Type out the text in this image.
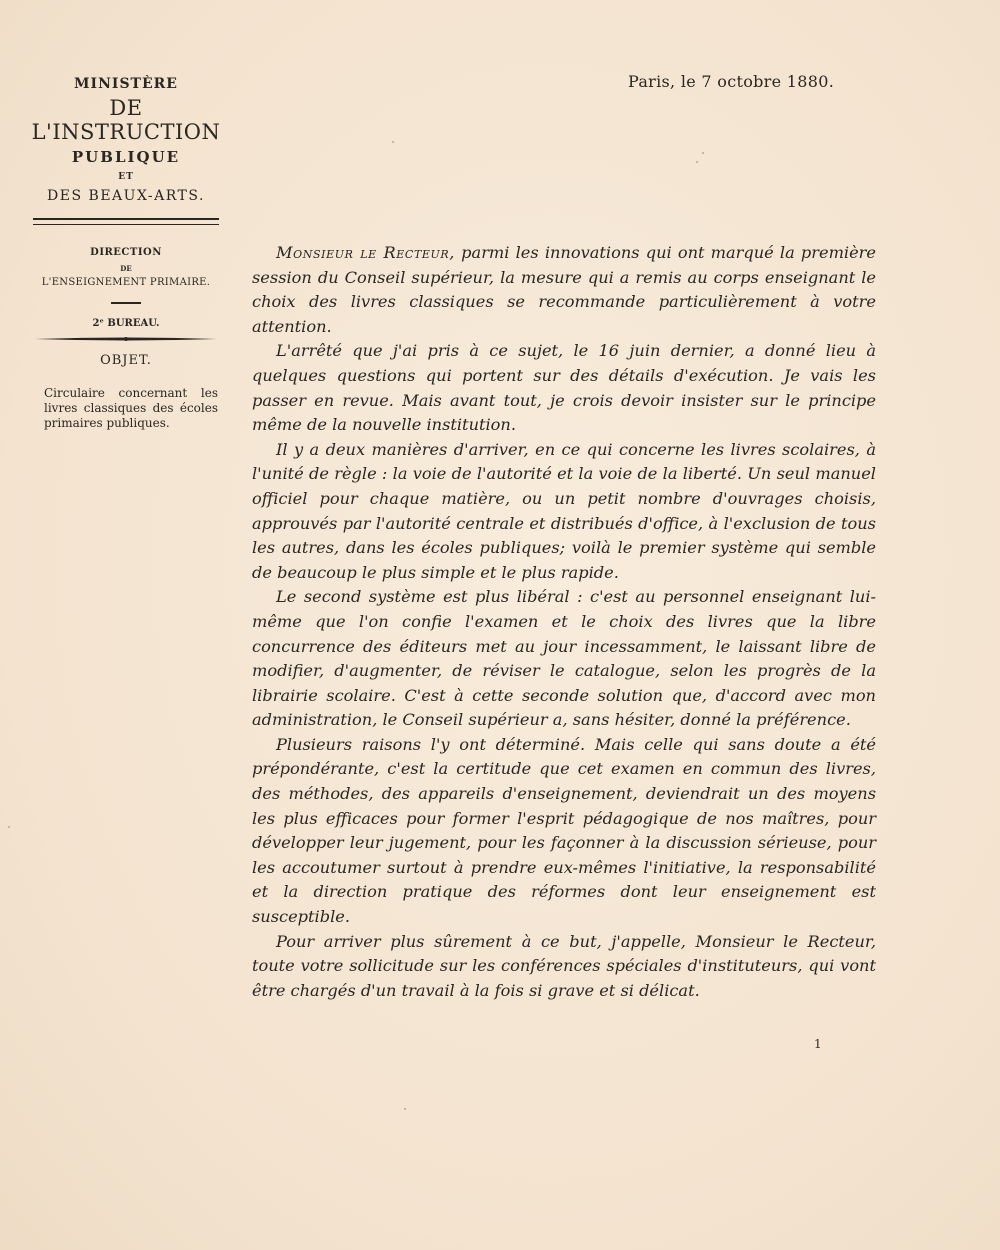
MINISTÈRE
DE L'INSTRUCTION
PUBLIQUE
ET
DES BEAUX-ARTS.
DIRECTION
DE
L'ENSEIGNEMENT PRIMAIRE.
2ᵉ BUREAU.
OBJET.
Circulaire concernant les livres classiques des écoles primaires publiques.
Paris, le 7 octobre 1880.

Monsieur le Recteur, parmi les innovations qui ont marqué la première session du Conseil supérieur, la mesure qui a remis au corps enseignant le choix des livres classiques se recommande particulièrement à votre attention.

L'arrêté que j'ai pris à ce sujet, le 16 juin dernier, a donné lieu à quelques questions qui portent sur des détails d'exécution. Je vais les passer en revue. Mais avant tout, je crois devoir insister sur le principe même de la nouvelle institution.

Il y a deux manières d'arriver, en ce qui concerne les livres scolaires, à l'unité de règle : la voie de l'autorité et la voie de la liberté. Un seul manuel officiel pour chaque matière, ou un petit nombre d'ouvrages choisis, approuvés par l'autorité centrale et distribués d'office, à l'exclusion de tous les autres, dans les écoles publiques; voilà le premier système qui semble de beaucoup le plus simple et le plus rapide.

Le second système est plus libéral : c'est au personnel enseignant lui-même que l'on confie l'examen et le choix des livres que la libre concurrence des éditeurs met au jour incessamment, le laissant libre de modifier, d'augmenter, de réviser le catalogue, selon les progrès de la librairie scolaire. C'est à cette seconde solution que, d'accord avec mon administration, le Conseil supérieur a, sans hésiter, donné la préférence.

Plusieurs raisons l'y ont déterminé. Mais celle qui sans doute a été prépondérante, c'est la certitude que cet examen en commun des livres, des méthodes, des appareils d'enseignement, deviendrait un des moyens les plus efficaces pour former l'esprit pédagogique de nos maîtres, pour développer leur jugement, pour les façonner à la discussion sérieuse, pour les accoutumer surtout à prendre eux-mêmes l'initiative, la responsabilité et la direction pratique des réformes dont leur enseignement est susceptible.

Pour arriver plus sûrement à ce but, j'appelle, Monsieur le Recteur, toute votre sollicitude sur les conférences spéciales d'instituteurs, qui vont être chargés d'un travail à la fois si grave et si délicat.

1
